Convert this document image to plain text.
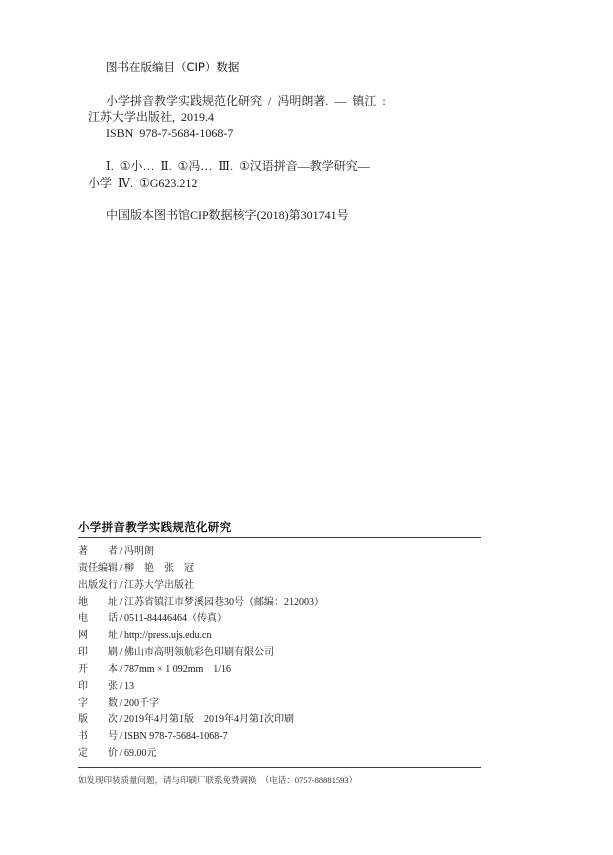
图书在版编目（CIP）数据
小学拼音教学实践规范化研究 / 冯明朗著. — 镇江 :
江苏大学出版社, 2019.4
ISBN 978-7-5684-1068-7
Ⅰ. ①小… Ⅱ. ①冯… Ⅲ. ①汉语拼音—教学研究—
小学 Ⅳ. ①G623.212
中国版本图书馆CIP数据核字(2018)第301741号
小学拼音教学实践规范化研究
著　　者 / 冯明朗
责任编辑 / 柳　艳　张　冠
出版发行 / 江苏大学出版社
地　　址 / 江苏省镇江市梦溪园巷30号（邮编：212003）
电　　话 / 0511-84446464（传真）
网　　址 / http://press.ujs.edu.cn
印　　刷 / 佛山市高明领航彩色印刷有限公司
开　　本 / 787mm × 1 092mm　1/16
印　　张 / 13
字　　数 / 200千字
版　　次 / 2019年4月第1版　2019年4月第1次印刷
书　　号 / ISBN 978-7-5684-1068-7
定　　价 / 69.00元
如发现印装质量问题，请与印刷厂联系免费调换　（电话：0757-88881593）
